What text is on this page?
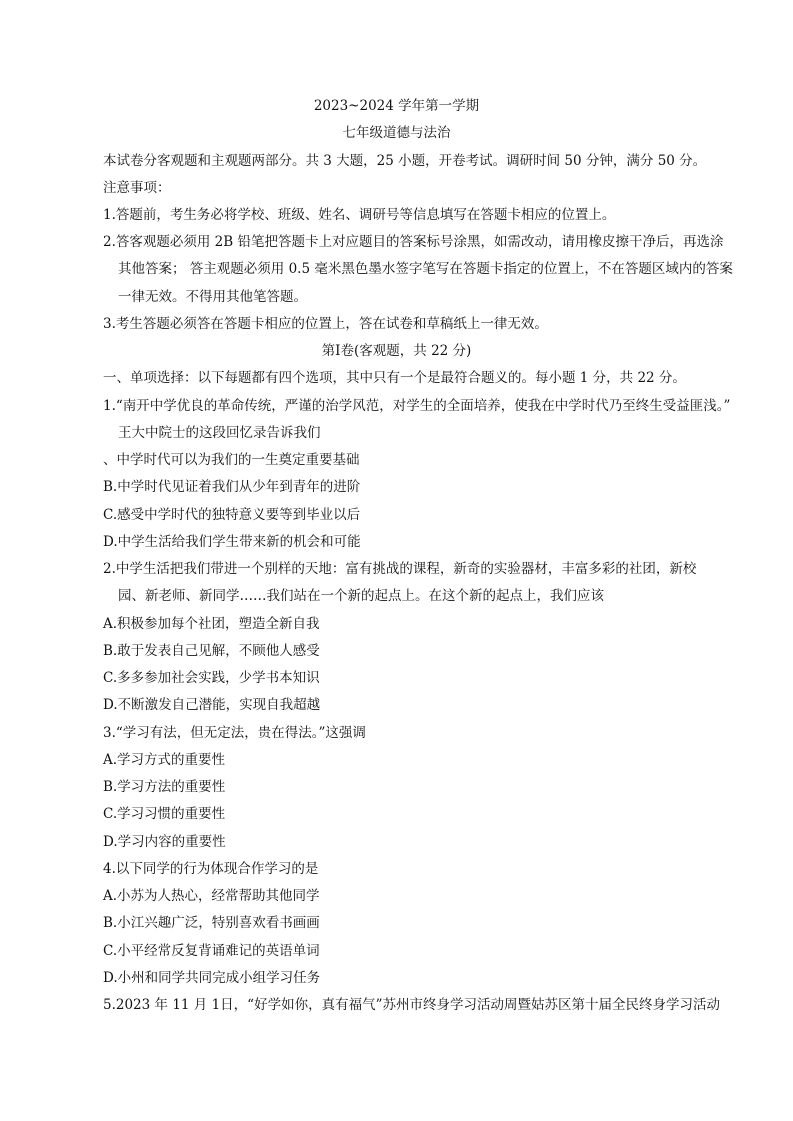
2023~2024 学年第一学期
七年级道德与法治
本试卷分客观题和主观题两部分。共 3 大题，25 小题，开卷考试。调研时间 50 分钟，满分 50 分。
注意事项：
1.答题前，考生务必将学校、班级、姓名、调研号等信息填写在答题卡相应的位置上。
2.答客观题必须用 2B 铅笔把答题卡上对应题目的答案标号涂黑，如需改动，请用橡皮擦干净后，再选涂
其他答案； 答主观题必须用 0.5 毫米黑色墨水签字笔写在答题卡指定的位置上，不在答题区域内的答案
一律无效。不得用其他笔答题。
3.考生答题必须答在答题卡相应的位置上，答在试卷和草稿纸上一律无效。
第Ⅰ卷(客观题，共 22 分)
一、单项选择：以下每题都有四个选项，其中只有一个是最符合题义的。每小题 1 分，共 22 分。
1.“南开中学优良的革命传统，严谨的治学风范，对学生的全面培养，使我在中学时代乃至终生受益匪浅。”
王大中院士的这段回忆录告诉我们
、中学时代可以为我们的一生奠定重要基础
B.中学时代见证着我们从少年到青年的进阶
C.感受中学时代的独特意义要等到毕业以后
D.中学生活给我们学生带来新的机会和可能
2.中学生活把我们带进一个别样的天地：富有挑战的课程，新奇的实验器材，丰富多彩的社团，新校
园、新老师、新同学……我们站在一个新的起点上。在这个新的起点上，我们应该
A.积极参加每个社团，塑造全新自我
B.敢于发表自己见解，不顾他人感受
C.多多参加社会实践，少学书本知识
D.不断激发自己潜能，实现自我超越
3.“学习有法，但无定法，贵在得法。”这强调
A.学习方式的重要性
B.学习方法的重要性
C.学习习惯的重要性
D.学习内容的重要性
4.以下同学的行为体现合作学习的是
A.小苏为人热心，经常帮助其他同学
B.小江兴趣广泛，特别喜欢看书画画
C.小平经常反复背诵难记的英语单词
D.小州和同学共同完成小组学习任务
5.2023 年 11 月 1日，“好学如你，真有福气”苏州市终身学习活动周暨姑苏区第十届全民终身学习活动
